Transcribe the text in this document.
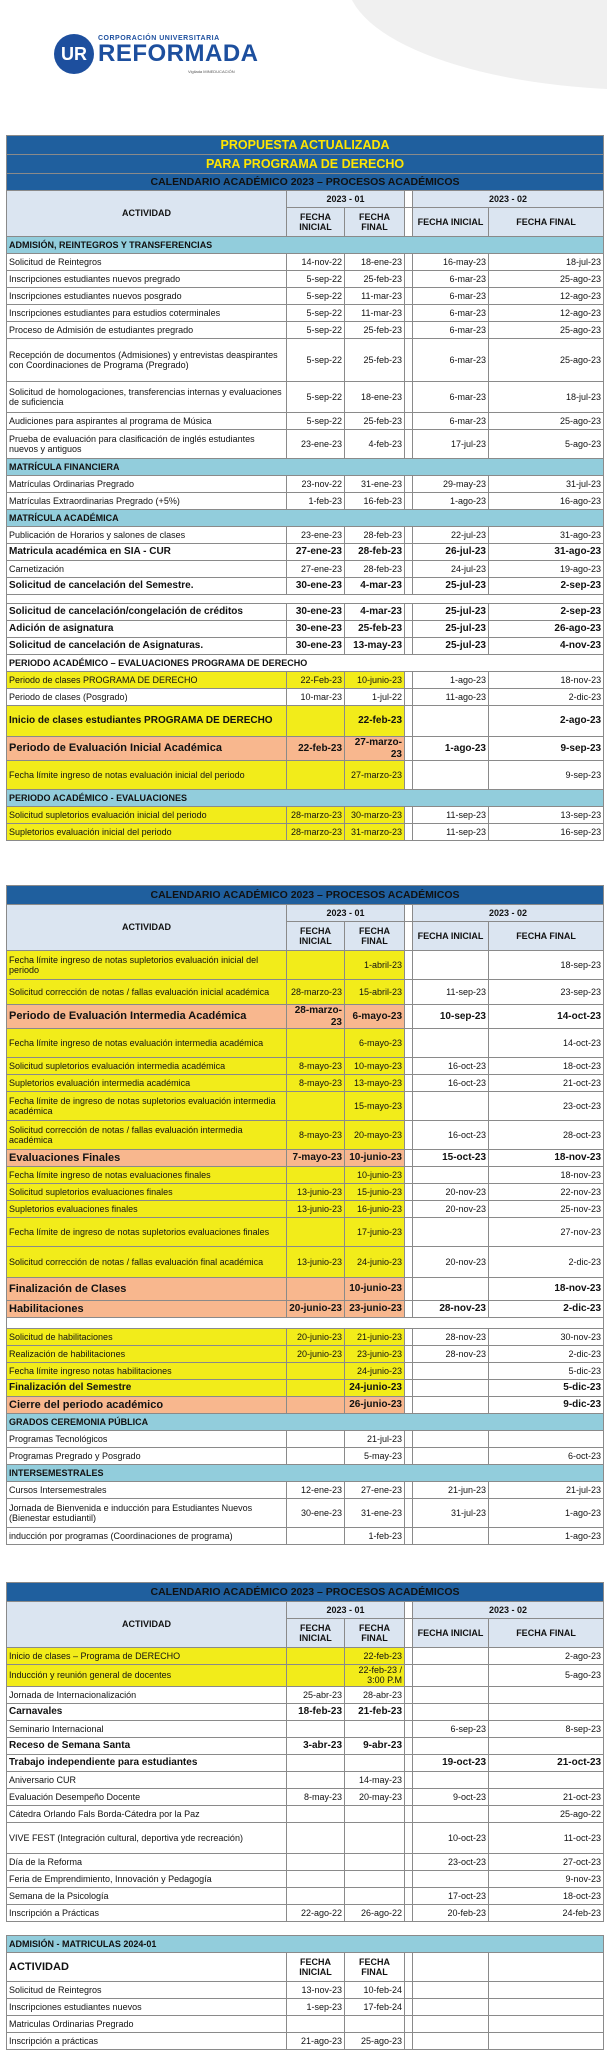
UR
CORPORACIÓN UNIVERSITARIA
REFORMADA
Vigilada MINEDUCACIÓN
PROPUESTA ACTUALIZADA					
PARA PROGRAMA DE DERECHO					
CALENDARIO ACADÉMICO 2023 – PROCESOS ACADÉMICOS					
ACTIVIDAD	2023 - 01			2023 - 02	
	FECHA INICIAL	FECHA FINAL		FECHA INICIAL	FECHA FINAL
ADMISIÓN, REINTEGROS Y TRANSFERENCIAS					
Solicitud de Reintegros	14-nov-22	18-ene-23		16-may-23	18-jul-23
Inscripciones estudiantes nuevos pregrado	5-sep-22	25-feb-23		6-mar-23	25-ago-23
Inscripciones estudiantes nuevos posgrado	5-sep-22	11-mar-23		6-mar-23	12-ago-23
Inscripciones estudiantes para estudios coterminales	5-sep-22	11-mar-23		6-mar-23	12-ago-23
Proceso de Admisión de estudiantes pregrado	5-sep-22	25-feb-23		6-mar-23	25-ago-23
Recepción de documentos (Admisiones) y entrevistas deaspirantes con Coordinaciones de Programa (Pregrado)	5-sep-22	25-feb-23		6-mar-23	25-ago-23
Solicitud de homologaciones, transferencias internas y evaluaciones de suficiencia	5-sep-22	18-ene-23		6-mar-23	18-jul-23
Audiciones para aspirantes al programa de Música	5-sep-22	25-feb-23		6-mar-23	25-ago-23
Prueba de evaluación para clasificación de inglés estudiantes nuevos y antiguos	23-ene-23	4-feb-23		17-jul-23	5-ago-23
MATRÍCULA FINANCIERA					
Matrículas Ordinarias Pregrado	23-nov-22	31-ene-23		29-may-23	31-jul-23
Matrículas Extraordinarias Pregrado (+5%)	1-feb-23	16-feb-23		1-ago-23	16-ago-23
MATRÍCULA ACADÉMICA					
Publicación de Horarios y salones de clases	23-ene-23	28-feb-23		22-jul-23	31-ago-23
Matricula académica en SIA - CUR	27-ene-23	28-feb-23		26-jul-23	31-ago-23
Carnetización	27-ene-23	28-feb-23		24-jul-23	19-ago-23
Solicitud de cancelación del Semestre.	30-ene-23	4-mar-23		25-jul-23	2-sep-23

Solicitud de cancelación/congelación de créditos	30-ene-23	4-mar-23		25-jul-23	2-sep-23
Adición de asignatura	30-ene-23	25-feb-23		25-jul-23	26-ago-23
Solicitud de cancelación de Asignaturas.	30-ene-23	13-may-23		25-jul-23	4-nov-23
PERIODO ACADÉMICO – EVALUACIONES PROGRAMA DE DERECHO					
Periodo de clases PROGRAMA DE DERECHO	22-Feb-23	10-junio-23		1-ago-23	18-nov-23
Periodo de clases (Posgrado)	10-mar-23	1-jul-22		11-ago-23	2-dic-23
Inicio de clases estudiantes PROGRAMA DE DERECHO		22-feb-23			2-ago-23
Periodo de Evaluación Inicial Académica	22-feb-23	27-marzo-23		1-ago-23	9-sep-23
Fecha límite ingreso de notas evaluación inicial del periodo		27-marzo-23			9-sep-23
PERIODO ACADÉMICO - EVALUACIONES					
Solicitud supletorios evaluación inicial del periodo	28-marzo-23	30-marzo-23		11-sep-23	13-sep-23
Supletorios evaluación inicial del periodo	28-marzo-23	31-marzo-23		11-sep-23	16-sep-23
CALENDARIO ACADÉMICO 2023 – PROCESOS ACADÉMICOS					
ACTIVIDAD	2023 - 01			2023 - 02	
	FECHA INICIAL	FECHA FINAL		FECHA INICIAL	FECHA FINAL
Fecha límite ingreso de notas supletorios evaluación inicial del periodo		1-abril-23			18-sep-23
Solicitud corrección de notas / fallas evaluación inicial académica	28-marzo-23	15-abril-23		11-sep-23	23-sep-23
Periodo de Evaluación Intermedia Académica	28-marzo-23	6-mayo-23		10-sep-23	14-oct-23
Fecha límite ingreso de notas evaluación intermedia académica		6-mayo-23			14-oct-23
Solicitud supletorios evaluación intermedia académica	8-mayo-23	10-mayo-23		16-oct-23	18-oct-23
Supletorios evaluación intermedia académica	8-mayo-23	13-mayo-23		16-oct-23	21-oct-23
Fecha límite de ingreso de notas supletorios evaluación intermedia académica		15-mayo-23			23-oct-23
Solicitud corrección de notas / fallas evaluación intermedia académica	8-mayo-23	20-mayo-23		16-oct-23	28-oct-23
Evaluaciones Finales	7-mayo-23	10-junio-23		15-oct-23	18-nov-23
Fecha límite ingreso de notas evaluaciones finales		10-junio-23			18-nov-23
Solicitud supletorios evaluaciones finales	13-junio-23	15-junio-23		20-nov-23	22-nov-23
Supletorios evaluaciones finales	13-junio-23	16-junio-23		20-nov-23	25-nov-23
Fecha límite de ingreso de notas supletorios evaluaciones finales		17-junio-23			27-nov-23
Solicitud corrección de notas / fallas evaluación final académica	13-junio-23	24-junio-23		20-nov-23	2-dic-23
Finalización de Clases		10-junio-23			18-nov-23
Habilitaciones	20-junio-23	23-junio-23		28-nov-23	2-dic-23

Solicitud de habilitaciones	20-junio-23	21-junio-23		28-nov-23	30-nov-23
Realización de habilitaciones	20-junio-23	23-junio-23		28-nov-23	2-dic-23
Fecha límite ingreso notas habilitaciones		24-junio-23			5-dic-23
Finalización del Semestre		24-junio-23			5-dic-23
Cierre del periodo académico		26-junio-23			9-dic-23
GRADOS CEREMONIA PÚBLICA					
Programas Tecnológicos		21-jul-23			
Programas Pregrado y Posgrado		5-may-23			6-oct-23
INTERSEMESTRALES					
Cursos Intersemestrales	12-ene-23	27-ene-23		21-jun-23	21-jul-23
Jornada de Bienvenida e inducción para Estudiantes Nuevos (Bienestar estudiantil)	30-ene-23	31-ene-23		31-jul-23	1-ago-23
inducción por programas (Coordinaciones de programa)		1-feb-23			1-ago-23
CALENDARIO ACADÉMICO 2023 – PROCESOS ACADÉMICOS					
ACTIVIDAD	2023 - 01			2023 - 02	
	FECHA INICIAL	FECHA FINAL		FECHA INICIAL	FECHA FINAL
Inicio de clases – Programa de DERECHO		22-feb-23			2-ago-23
Inducción y reunión general de docentes		22-feb-23 / 3:00 P.M			5-ago-23
Jornada de Internacionalización	25-abr-23	28-abr-23			
Carnavales	18-feb-23	21-feb-23			
Seminario Internacional				6-sep-23	8-sep-23
Receso de Semana Santa	3-abr-23	9-abr-23			
Trabajo independiente para estudiantes				19-oct-23	21-oct-23
Aniversario CUR		14-may-23			
Evaluación Desempeño Docente	8-may-23	20-may-23		9-oct-23	21-oct-23
Cátedra Orlando Fals Borda-Cátedra por la Paz					25-ago-22
VIVE FEST (Integración cultural, deportiva yde recreación)				10-oct-23	11-oct-23
Día de la Reforma				23-oct-23	27-oct-23
Feria de Emprendimiento, Innovación y Pedagogía					9-nov-23
Semana de la Psicología				17-oct-23	18-oct-23
Inscripción a Prácticas	22-ago-22	26-ago-22		20-feb-23	24-feb-23
ADMISIÓN - MATRICULAS 2024-01					
ACTIVIDAD	FECHA INICIAL	FECHA FINAL			
Solicitud de Reintegros	13-nov-23	10-feb-24			
Inscripciones estudiantes nuevos	1-sep-23	17-feb-24			
Matriculas Ordinarias Pregrado					
Inscripción a prácticas	21-ago-23	25-ago-23			
